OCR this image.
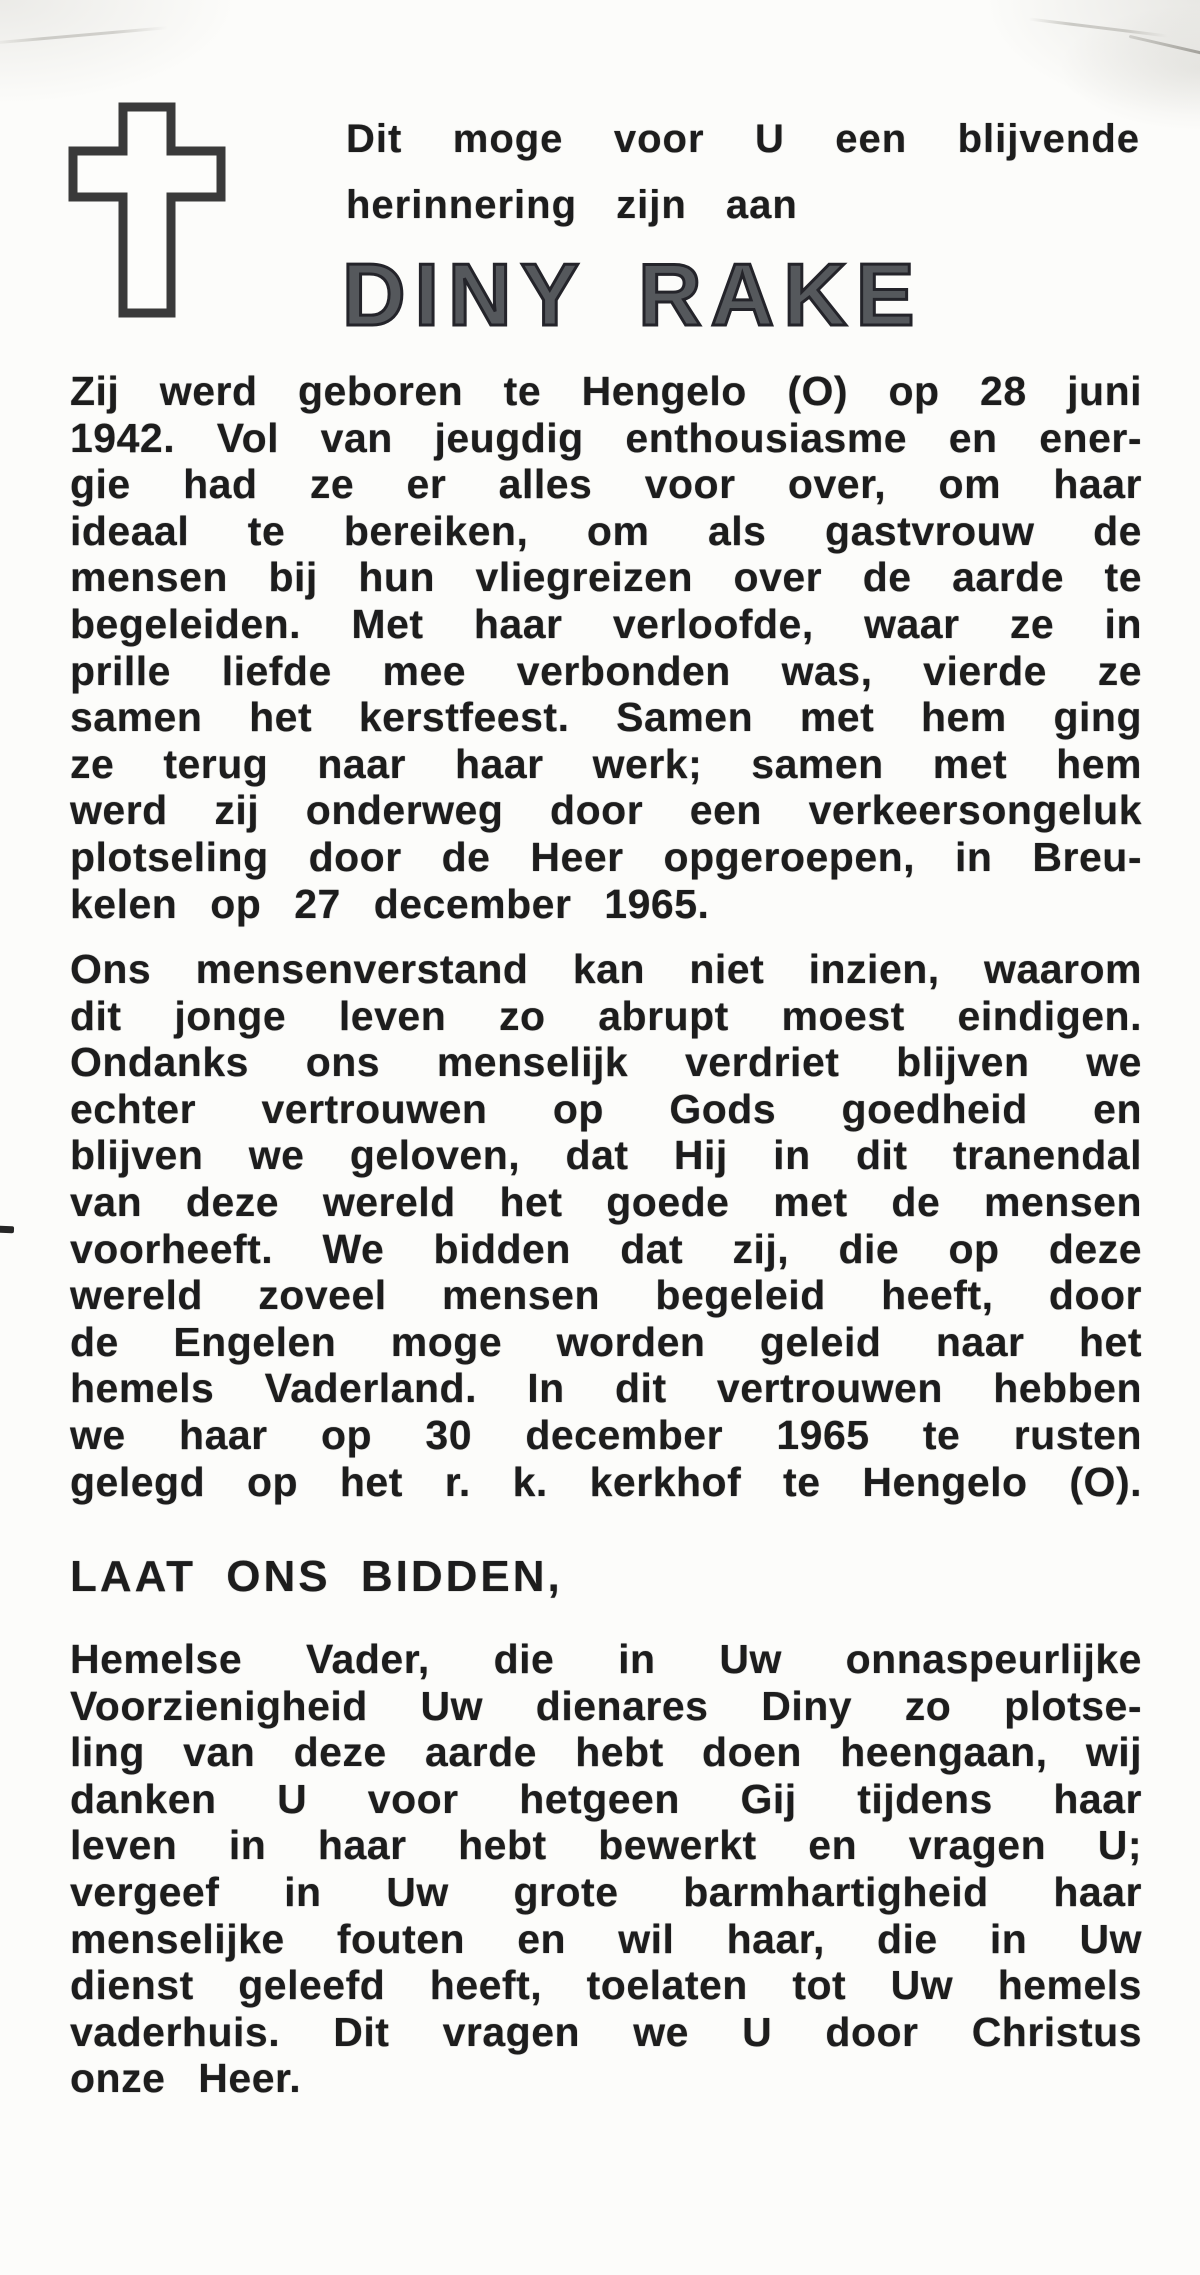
Dit moge voor U een blijvende
herinnering zijn aan
DINY RAKE
Zij werd geboren te Hengelo (O) op 28 juni
1942. Vol van jeugdig enthousiasme en ener-
gie had ze er alles voor over, om haar
ideaal te bereiken, om als gastvrouw de
mensen bij hun vliegreizen over de aarde te
begeleiden. Met haar verloofde, waar ze in
prille liefde mee verbonden was, vierde ze
samen het kerstfeest. Samen met hem ging
ze terug naar haar werk; samen met hem
werd zij onderweg door een verkeersongeluk
plotseling door de Heer opgeroepen, in Breu-
kelen op 27 december 1965.
Ons mensenverstand kan niet inzien, waarom
dit jonge leven zo abrupt moest eindigen.
Ondanks ons menselijk verdriet blijven we
echter vertrouwen op Gods goedheid en
blijven we geloven, dat Hij in dit tranendal
van deze wereld het goede met de mensen
voorheeft. We bidden dat zij, die op deze
wereld zoveel mensen begeleid heeft, door
de Engelen moge worden geleid naar het
hemels Vaderland. In dit vertrouwen hebben
we haar op 30 december 1965 te rusten
gelegd op het r. k. kerkhof te Hengelo (O).
LAAT ONS BIDDEN,
Hemelse Vader, die in Uw onnaspeurlijke
Voorzienigheid Uw dienares Diny zo plotse-
ling van deze aarde hebt doen heengaan, wij
danken U voor hetgeen Gij tijdens haar
leven in haar hebt bewerkt en vragen U;
vergeef in Uw grote barmhartigheid haar
menselijke fouten en wil haar, die in Uw
dienst geleefd heeft, toelaten tot Uw hemels
vaderhuis. Dit vragen we U door Christus
onze Heer.
